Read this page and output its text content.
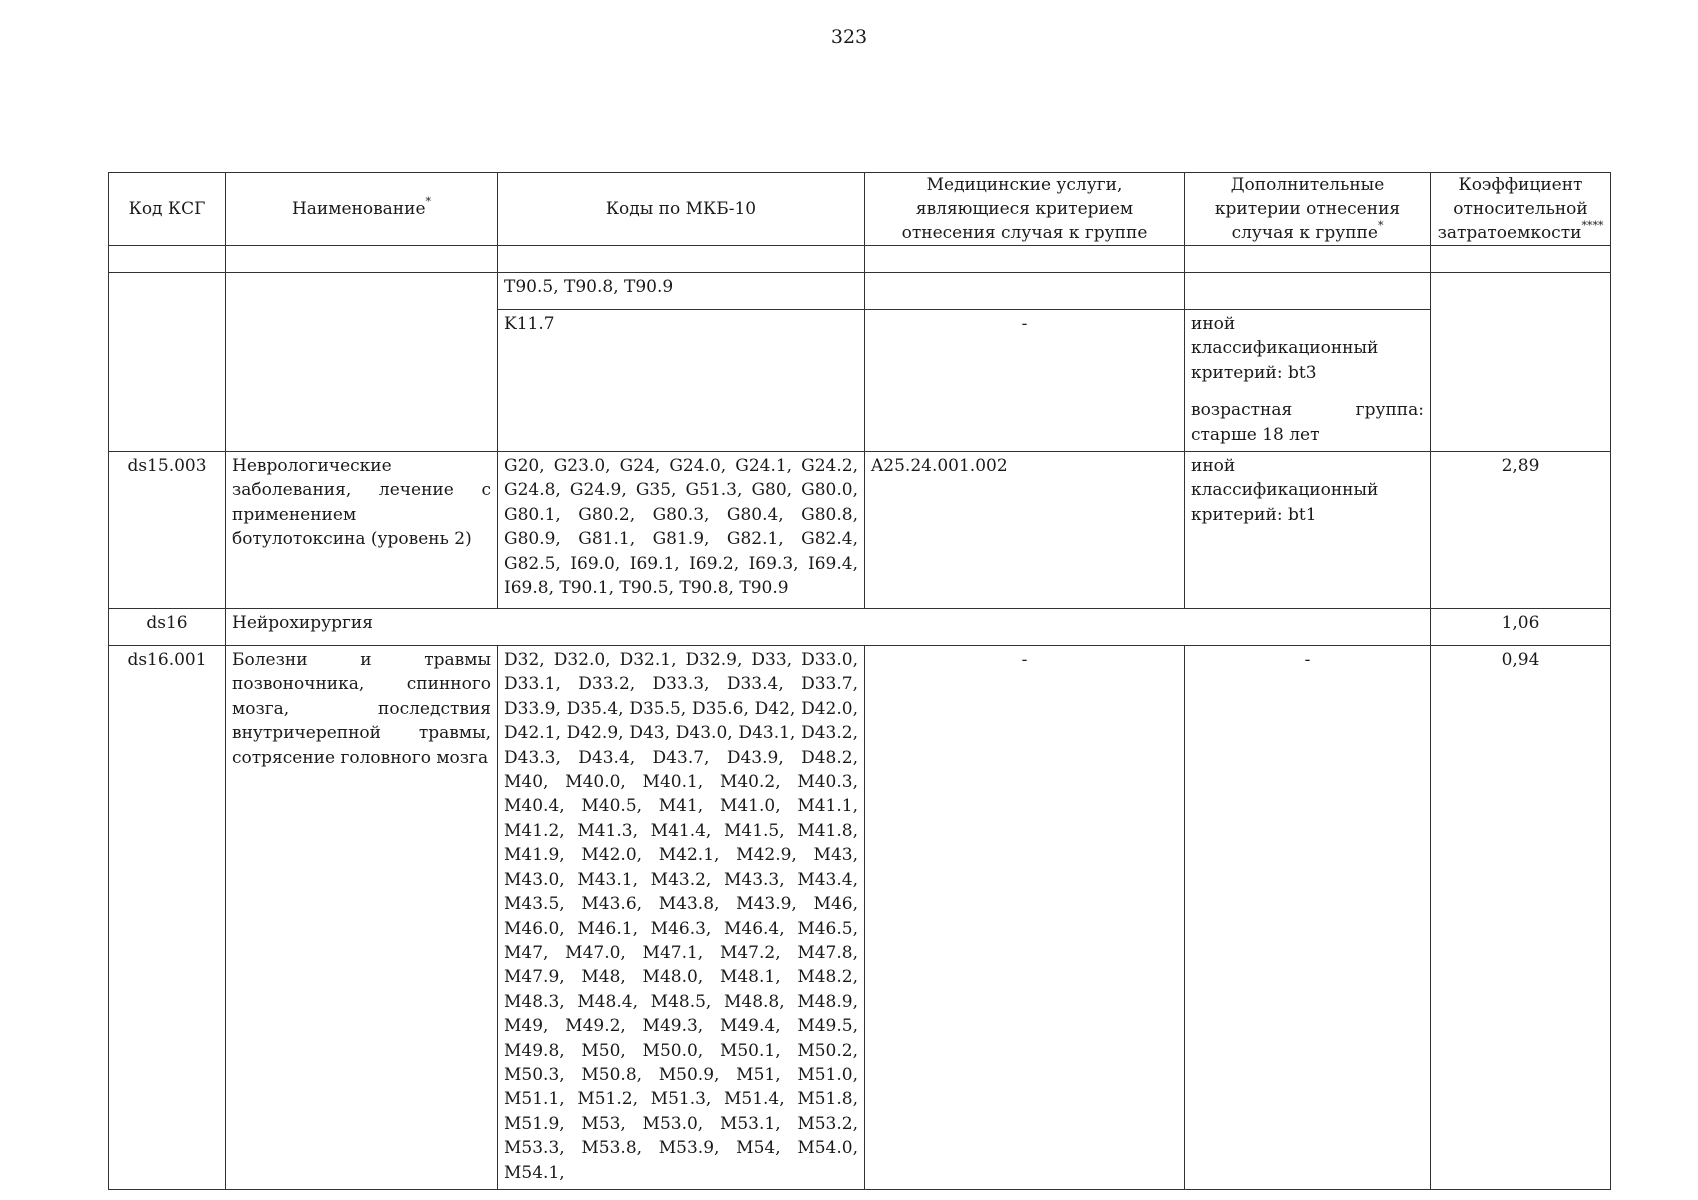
323
Код КСГ	Наименование*	Коды по МКБ-10	Медицинские услуги, являющиеся критерием отнесения случая к группе	Дополнительные критерии отнесения случая к группе*	Коэффициент относительной затратоемкости****

		T90.5, T90.8, T90.9			
		K11.7	-	иной классификационный критерий: bt3
возрастная группа: старше 18 лет	

ds15.003	Неврологические заболевания, лечение с применением ботулотоксина (уровень 2)	G20, G23.0, G24, G24.0, G24.1, G24.2, G24.8, G24.9, G35, G51.3, G80, G80.0, G80.1, G80.2, G80.3, G80.4, G80.8, G80.9, G81.1, G81.9, G82.1, G82.4, G82.5, I69.0, I69.1, I69.2, I69.3, I69.4, I69.8, T90.1, T90.5, T90.8, T90.9	A25.24.001.002	иной классификационный критерий: bt1	2,89
ds16	Нейрохирургия				1,06
ds16.001	Болезни и травмы позвоночника, спинного мозга, последствия внутричерепной травмы, сотрясение головного мозга	D32, D32.0, D32.1, D32.9, D33, D33.0, D33.1, D33.2, D33.3, D33.4, D33.7, D33.9, D35.4, D35.5, D35.6, D42, D42.0, D42.1, D42.9, D43, D43.0, D43.1, D43.2, D43.3, D43.4, D43.7, D43.9, D48.2, M40, M40.0, M40.1, M40.2, M40.3, M40.4, M40.5, M41, M41.0, M41.1, M41.2, M41.3, M41.4, M41.5, M41.8, M41.9, M42.0, M42.1, M42.9, M43, M43.0, M43.1, M43.2, M43.3, M43.4, M43.5, M43.6, M43.8, M43.9, M46, M46.0, M46.1, M46.3, M46.4, M46.5, M47, M47.0, M47.1, M47.2, M47.8, M47.9, M48, M48.0, M48.1, M48.2, M48.3, M48.4, M48.5, M48.8, M48.9, M49, M49.2, M49.3, M49.4, M49.5, M49.8, M50, M50.0, M50.1, M50.2, M50.3, M50.8, M50.9, M51, M51.0, M51.1, M51.2, M51.3, M51.4, M51.8, M51.9, M53, M53.0, M53.1, M53.2, M53.3, M53.8, M53.9, M54, M54.0, M54.1,	-	-	0,94
